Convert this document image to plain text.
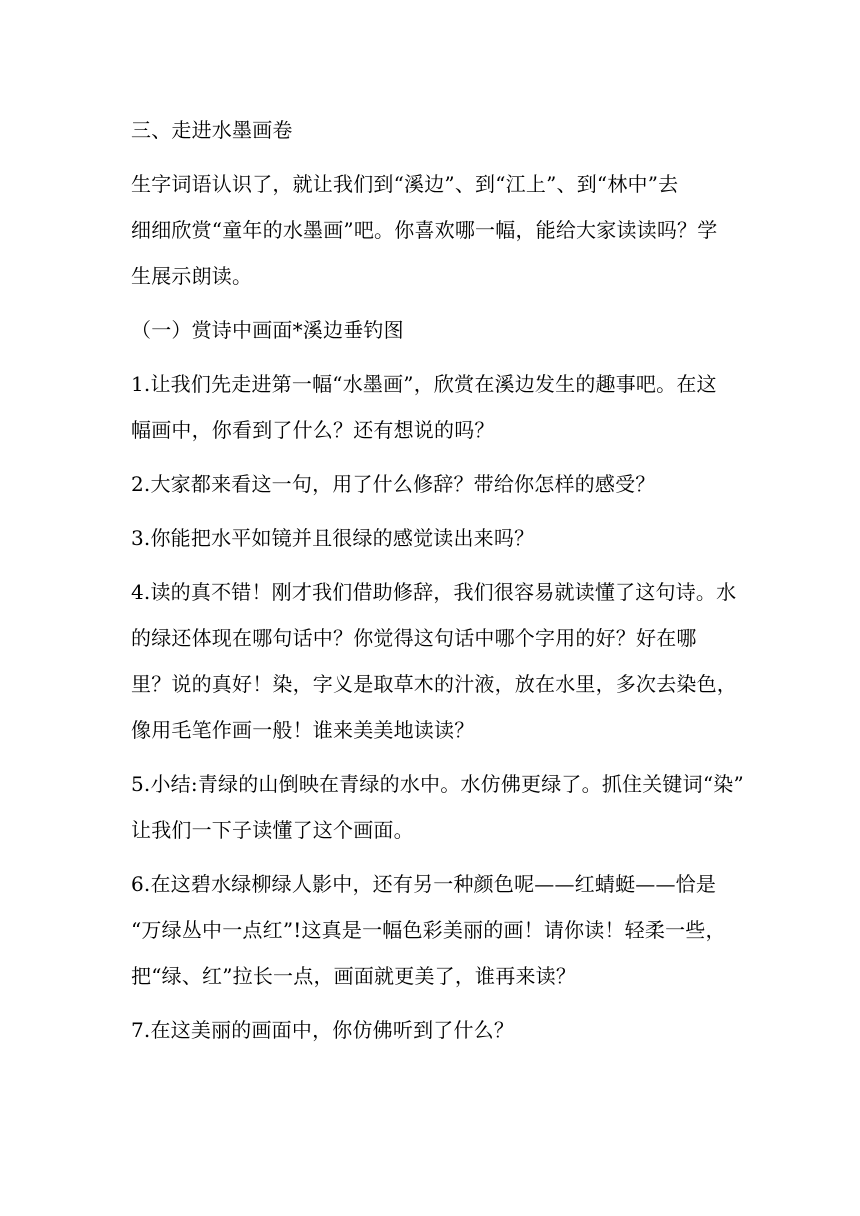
三、走进水墨画卷
生字词语认识了，就让我们到“溪边”、到“江上”、到“林中”去
细细欣赏“童年的水墨画”吧。你喜欢哪一幅，能给大家读读吗？学
生展示朗读。
（一）赏诗中画面*溪边垂钓图
1.让我们先走进第一幅“水墨画”，欣赏在溪边发生的趣事吧。在这
幅画中，你看到了什么？还有想说的吗？
2.大家都来看这一句，用了什么修辞？带给你怎样的感受？
3.你能把水平如镜并且很绿的感觉读出来吗？
4.读的真不错！刚才我们借助修辞，我们很容易就读懂了这句诗。水
的绿还体现在哪句话中？你觉得这句话中哪个字用的好？好在哪
里？说的真好！染，字义是取草木的汁液，放在水里，多次去染色，
像用毛笔作画一般！谁来美美地读读？
5.小结:青绿的山倒映在青绿的水中。水仿佛更绿了。抓住关键词“染”
让我们一下子读懂了这个画面。
6.在这碧水绿柳绿人影中，还有另一种颜色呢——红蜻蜓——恰是
“万绿丛中一点红”!这真是一幅色彩美丽的画！请你读！轻柔一些，
把“绿、红”拉长一点，画面就更美了，谁再来读？
7.在这美丽的画面中，你仿佛听到了什么？
